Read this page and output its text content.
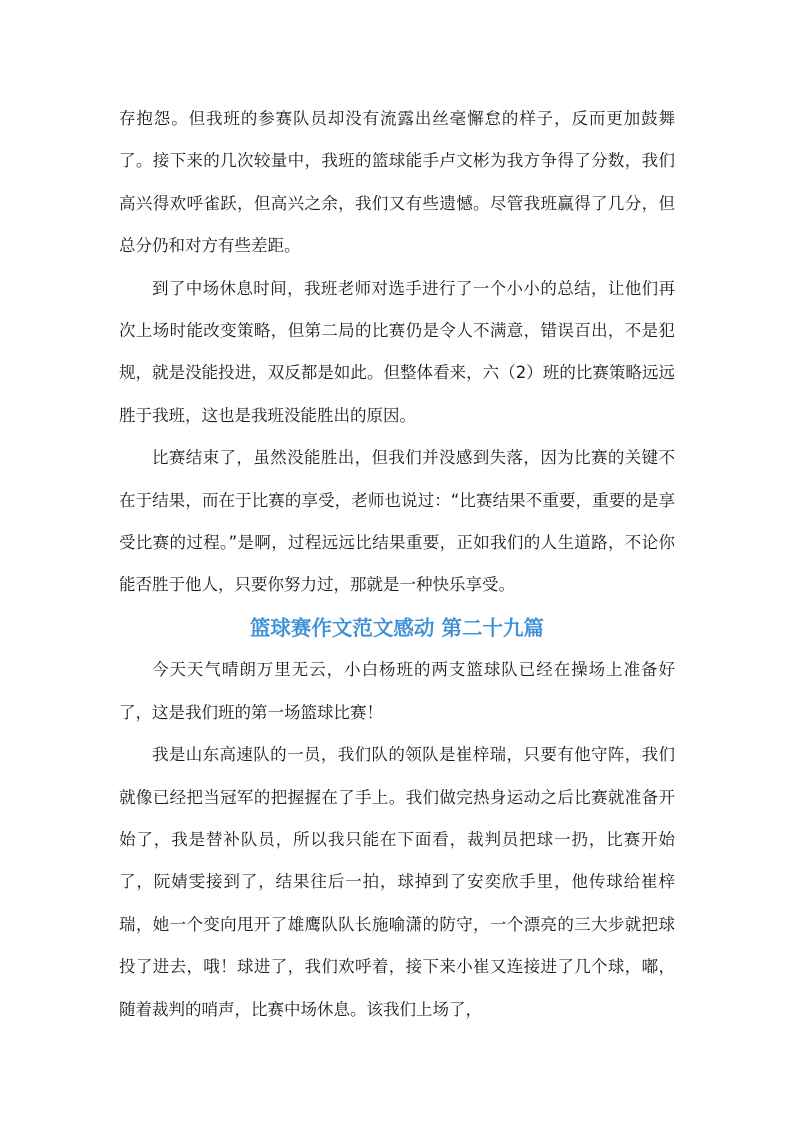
存抱怨。但我班的参赛队员却没有流露出丝毫懈怠的样子，反而更加鼓舞了。接下来的几次较量中，我班的篮球能手卢文彬为我方争得了分数，我们高兴得欢呼雀跃，但高兴之余，我们又有些遗憾。尽管我班赢得了几分，但总分仍和对方有些差距。

到了中场休息时间，我班老师对选手进行了一个小小的总结，让他们再次上场时能改变策略，但第二局的比赛仍是令人不满意，错误百出，不是犯规，就是没能投进，双反都是如此。但整体看来，六（2）班的比赛策略远远胜于我班，这也是我班没能胜出的原因。

比赛结束了，虽然没能胜出，但我们并没感到失落，因为比赛的关键不在于结果，而在于比赛的享受，老师也说过：“比赛结果不重要，重要的是享受比赛的过程。”是啊，过程远远比结果重要，正如我们的人生道路，不论你能否胜于他人，只要你努力过，那就是一种快乐享受。

篮球赛作文范文感动 第二十九篇

今天天气晴朗万里无云，小白杨班的两支篮球队已经在操场上准备好了，这是我们班的第一场篮球比赛！

我是山东高速队的一员，我们队的领队是崔梓瑞，只要有他守阵，我们就像已经把当冠军的把握握在了手上。我们做完热身运动之后比赛就准备开始了，我是替补队员，所以我只能在下面看，裁判员把球一扔，比赛开始了，阮婧雯接到了，结果往后一拍，球掉到了安奕欣手里，他传球给崔梓瑞，她一个变向甩开了雄鹰队队长施喻潇的防守，一个漂亮的三大步就把球投了进去，哦！球进了，我们欢呼着，接下来小崔又连接进了几个球，嘟，随着裁判的哨声，比赛中场休息。该我们上场了，
